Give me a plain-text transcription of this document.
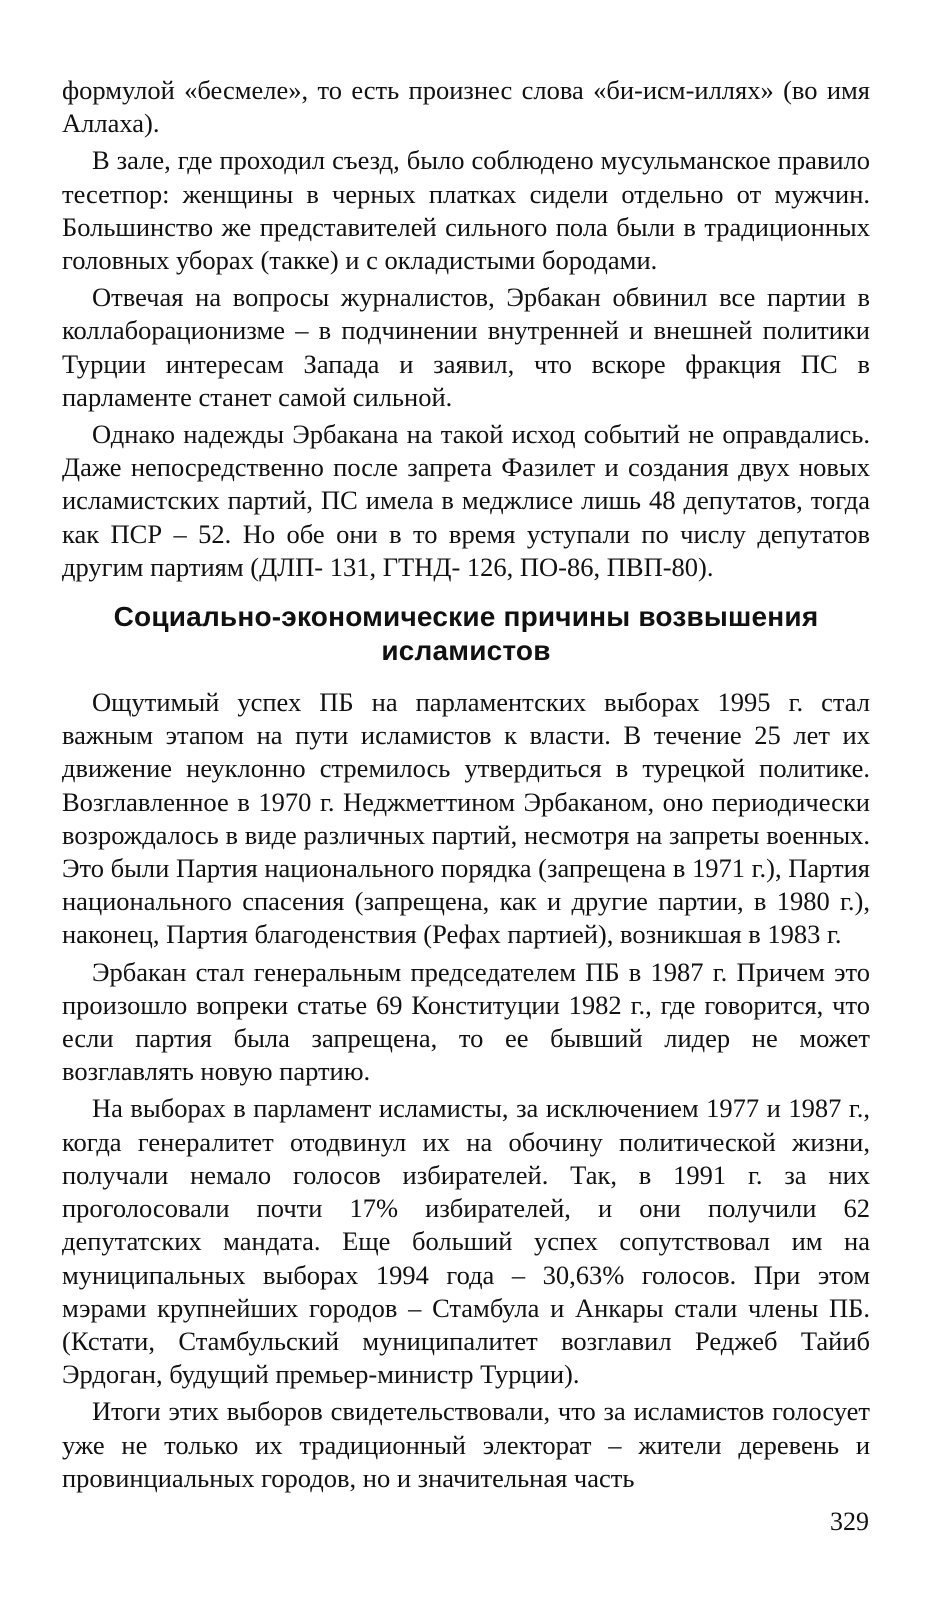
формулой «бесмеле», то есть произнес слова «би-исм-иллях» (во имя Аллаха).

В зале, где проходил съезд, было соблюдено мусульманское правило тесетпор: женщины в черных платках сидели отдельно от мужчин. Большинство же представителей сильного пола были в традиционных головных уборах (такке) и с окладистыми бородами.

Отвечая на вопросы журналистов, Эрбакан обвинил все партии в коллаборационизме – в подчинении внутренней и внешней политики Турции интересам Запада и заявил, что вскоре фракция ПС в парламенте станет самой сильной.

Однако надежды Эрбакана на такой исход событий не оправдались. Даже непосредственно после запрета Фазилет и создания двух новых исламистских партий, ПС имела в меджлисе лишь 48 депутатов, тогда как ПСР – 52. Но обе они в то время уступали по числу депутатов другим партиям (ДЛП- 131, ГТНД- 126, ПО-86, ПВП-80).

Социально-экономические причины возвышения исламистов

Ощутимый успех ПБ на парламентских выборах 1995 г. стал важным этапом на пути исламистов к власти. В течение 25 лет их движение неуклонно стремилось утвердиться в турецкой политике. Возглавленное в 1970 г. Неджметтином Эрбаканом, оно периодически возрождалось в виде различных партий, несмотря на запреты военных. Это были Партия национального порядка (запрещена в 1971 г.), Партия национального спасения (запрещена, как и другие партии, в 1980 г.), наконец, Партия благоденствия (Рефах партией), возникшая в 1983 г.

Эрбакан стал генеральным председателем ПБ в 1987 г. Причем это произошло вопреки статье 69 Конституции 1982 г., где говорится, что если партия была запрещена, то ее бывший лидер не может возглавлять новую партию.

На выборах в парламент исламисты, за исключением 1977 и 1987 г., когда генералитет отодвинул их на обочину политической жизни, получали немало голосов избирателей. Так, в 1991 г. за них проголосовали почти 17% избирателей, и они получили 62 депутатских мандата. Еще больший успех сопутствовал им на муниципальных выборах 1994 года – 30,63% голосов. При этом мэрами крупнейших городов – Стамбула и Анкары стали члены ПБ. (Кстати, Стамбульский муниципалитет возглавил Реджеб Тайиб Эрдоган, будущий премьер-министр Турции).

Итоги этих выборов свидетельствовали, что за исламистов голосует уже не только их традиционный электорат – жители деревень и провинциальных городов, но и значительная часть

329
